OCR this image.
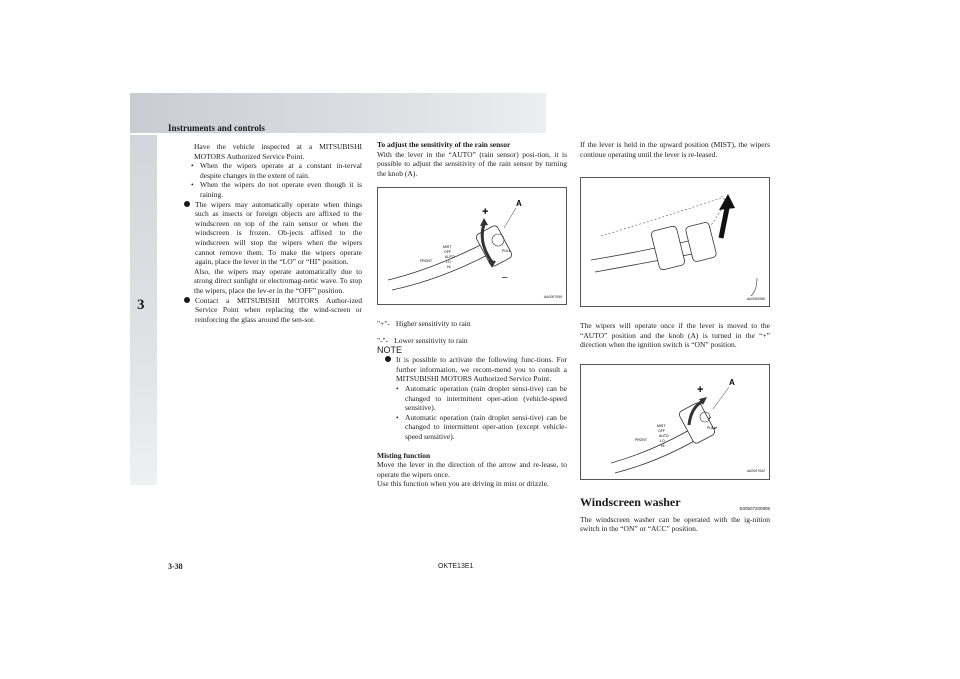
Instruments and controls
3

Have the vehicle inspected at a MITSUBISHI MOTORS Authorized Service Point.

• When the wipers operate at a constant in-terval despite changes in the extent of rain.

• When the wipers do not operate even though it is raining.

The wipers may automatically operate when things such as insects or foreign objects are affixed to the windscreen on top of the rain sensor or when the windscreen is frozen. Ob-jects affixed to the windscreen will stop the wipers when the wipers cannot remove them. To make the wipers operate again, place the lever in the “LO” or “HI” position.

Also, the wipers may operate automatically due to strong direct sunlight or electromag-netic wave. To stop the wipers, place the lev-er in the “OFF” position.

Contact a MITSUBISHI MOTORS Author-ized Service Point when replacing the wind-screen or reinforcing the glass around the sen-sor.

To adjust the sensitivity of the rain sensor

With the lever in the “AUTO” (rain sensor) posi-tion, it is possible to adjust the sensitivity of the rain sensor by turning the knob (A).

+
–
A
MIST
OFF
AUTO
LO
HI
FRONT
PULL
AA0097059
"+"- Higher sensitivity to rain
"-"- Lower sensitivity to rain

NOTE

It is possible to activate the following func-tions. For further information, we recom-mend you to consult a MITSUBISHI MOTORS Authorized Service Point.

• Automatic operation (rain droplet sensi-tive) can be changed to intermittent oper-ation (vehicle-speed sensitive).

• Automatic operation (rain droplet sensi-tive) can be changed to intermittent oper-ation (except vehicle-speed sensitive).

Misting function

Move the lever in the direction of the arrow and re-lease, to operate the wipers once.

Use this function when you are driving in mist or drizzle.

If the lever is held in the upward position (MIST), the wipers continue operating until the lever is re-leased.

AA0050986

The wipers will operate once if the lever is moved to the “AUTO” position and the knob (A) is turned in the “+” direction when the ignition switch is “ON” position.

+
A
MIST
OFF
AUTO
LO
HI
FRONT
PULL
AA0097062
Windscreen washer	E00507200905

The windscreen washer can be operated with the ig-nition switch in the “ON” or “ACC” position.

3-38	OKTE13E1
